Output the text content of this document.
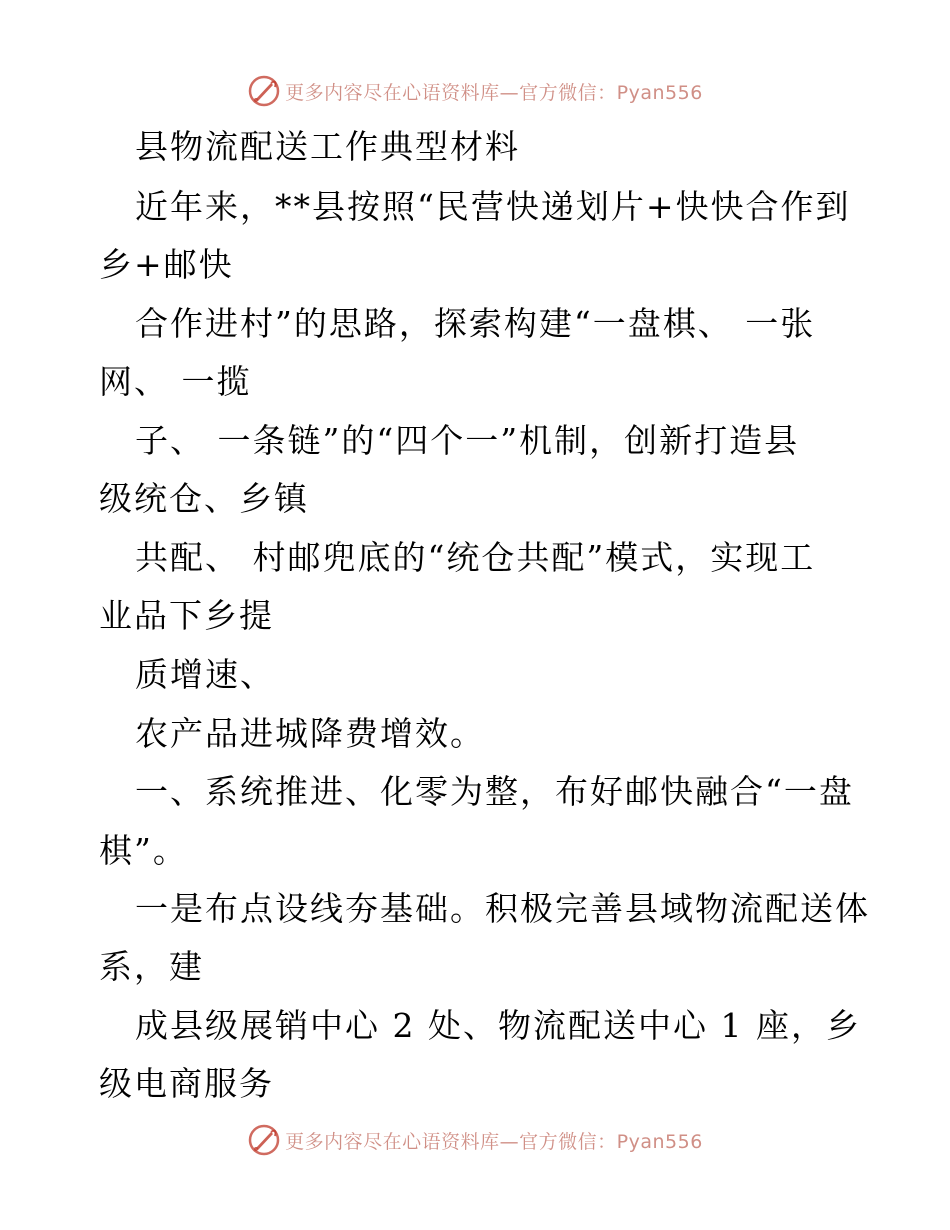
更多内容尽在心语资料库—官方微信：Pyan556
县物流配送工作典型材料
近年来，**县按照“民营快递划片+快快合作到
乡+邮快
合作进村”的思路，探索构建“一盘棋、 一张
网、 一揽
子、 一条链”的“四个一”机制，创新打造县
级统仓、乡镇
共配、 村邮兜底的“统仓共配”模式，实现工
业品下乡提
质增速、
农产品进城降费增效。
一、系统推进、化零为整，布好邮快融合“一盘
棋”。
一是布点设线夯基础。积极完善县域物流配送体
系，建
成县级展销中心 2 处、物流配送中心 1 座，乡
级电商服务
更多内容尽在心语资料库—官方微信：Pyan556
